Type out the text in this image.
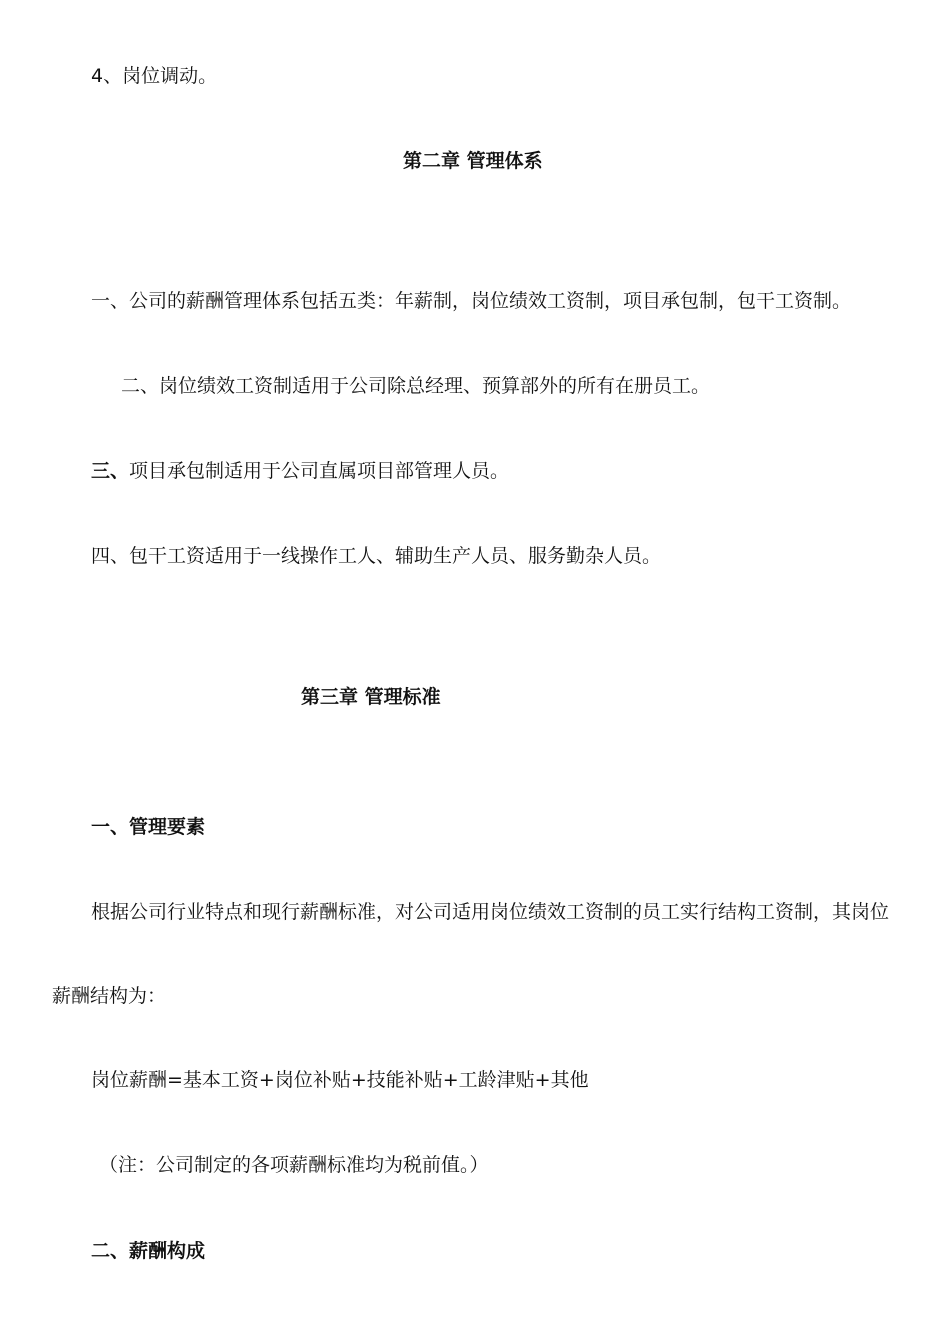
4、岗位调动。
第二章 管理体系
一、公司的薪酬管理体系包括五类：年薪制，岗位绩效工资制，项目承包制，包干工资制。
二、岗位绩效工资制适用于公司除总经理、预算部外的所有在册员工。
三、项目承包制适用于公司直属项目部管理人员。
四、包干工资适用于一线操作工人、辅助生产人员、服务勤杂人员。
第三章 管理标准
一、管理要素
根据公司行业特点和现行薪酬标准，对公司适用岗位绩效工资制的员工实行结构工资制，其岗位
薪酬结构为：
岗位薪酬=基本工资+岗位补贴+技能补贴+工龄津贴+其他
（注：公司制定的各项薪酬标准均为税前值。）
二、薪酬构成
